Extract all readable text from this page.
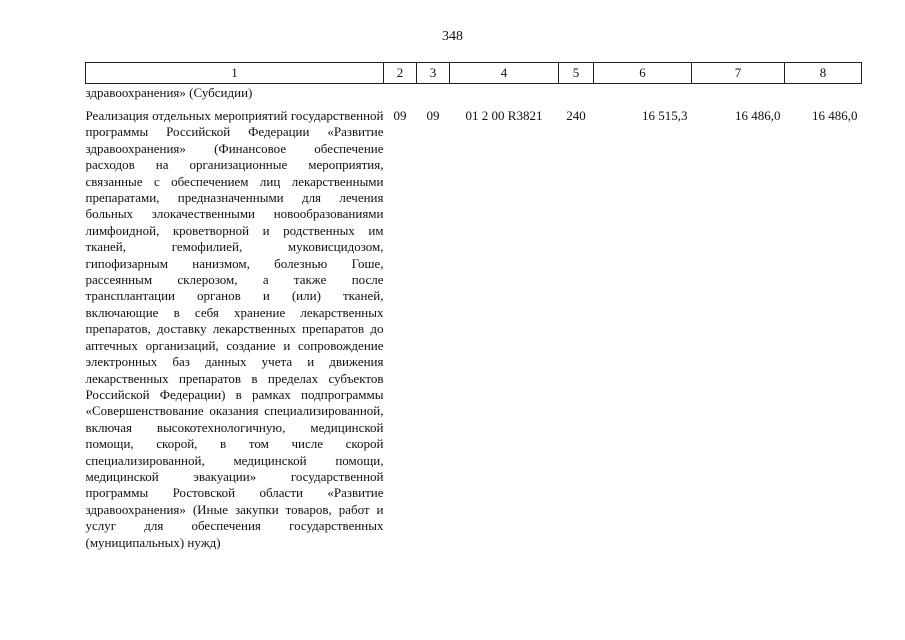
348
1	2	3	4	5	6	7	8
здравоохранения» (Субсидии)							
Реализация отдельных мероприятий государственной программы Российской Федерации «Развитие здравоохранения» (Финансовое обеспечение расходов на организационные мероприятия, связанные с обеспечением лиц лекарственными препаратами, предназначенными для лечения больных злокачественными новообразованиями лимфоидной, кроветворной и родственных им тканей, гемофилией, муковисцидозом, гипофизарным нанизмом, болезнью Гоше, рассеянным склерозом, а также после трансплантации органов и (или) тканей, включающие в себя хранение лекарственных препаратов, доставку лекарственных препаратов до аптечных организаций, создание и сопровождение электронных баз данных учета и движения лекарственных препаратов в пределах субъектов Российской Федерации) в рамках подпрограммы «Совершенствование оказания специализированной, включая высокотехнологичную, медицинской помощи, скорой, в том числе скорой специализированной, медицинской помощи, медицинской эвакуации» государственной программы Ростовской области «Развитие здравоохранения» (Иные закупки товаров, работ и услуг для обеспечения государственных (муниципальных) нужд)	09	09	01 2 00 R3821	240	16 515,3	16 486,0	16 486,0
